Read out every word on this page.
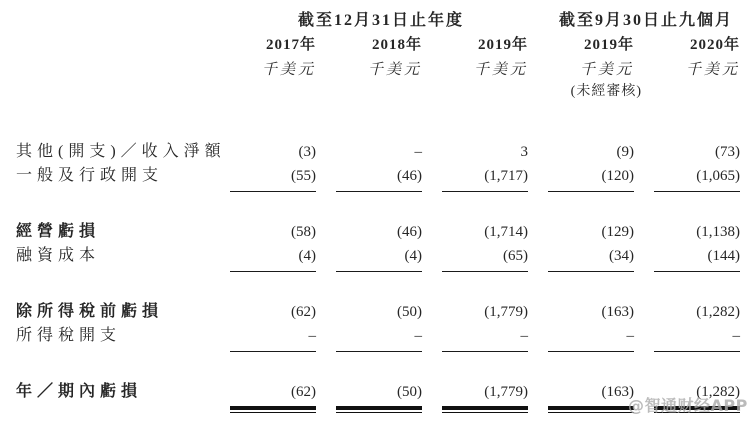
截至12月31日止年度	截至9月30日止九個月
2017年	2018年	2019年	2019年	2020年
千美元	千美元	千美元	千美元	千美元
(未經審核)
其他(開支)／收入淨額	(3)	–	3	(9)	(73)
一般及行政開支	(55)	(46)	(1,717)	(120)	(1,065)
經營虧損	(58)	(46)	(1,714)	(129)	(1,138)
融資成本	(4)	(4)	(65)	(34)	(144)
除所得稅前虧損	(62)	(50)	(1,779)	(163)	(1,282)
所得稅開支	–	–	–	–	–
年／期內虧損	(62)	(50)	(1,779)	(163)	(1,282)
@智通财经APP
